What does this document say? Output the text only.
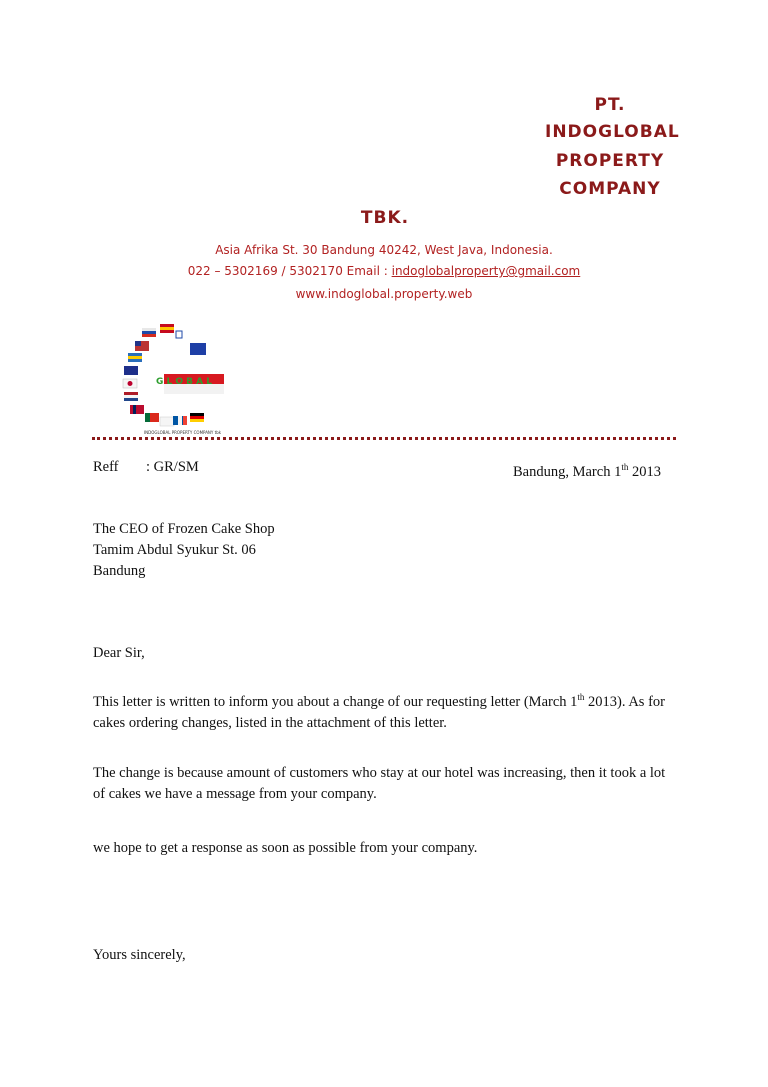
PT.
INDOGLOBAL
PROPERTY
COMPANY
TBK.
Asia Afrika St. 30 Bandung 40242, West Java, Indonesia.
022 – 5302169 / 5302170 Email : indoglobalproperty@gmail.com
www.indoglobal.property.web
G L O B A L
INDOGLOBAL PROPERTY COMPANY tbk
Reff : GR/SM	Bandung, March 1th 2013
The CEO of Frozen Cake Shop
Tamim Abdul Syukur St. 06
Bandung
Dear Sir,
This letter is written to inform you about a change of our requesting letter (March 1th 2013). As for cakes ordering changes, listed in the attachment of this letter.
The change is because amount of customers who stay at our hotel was increasing, then it took a lot of cakes we have a message from your company.
we hope to get a response as soon as possible from your company.
Yours sincerely,
